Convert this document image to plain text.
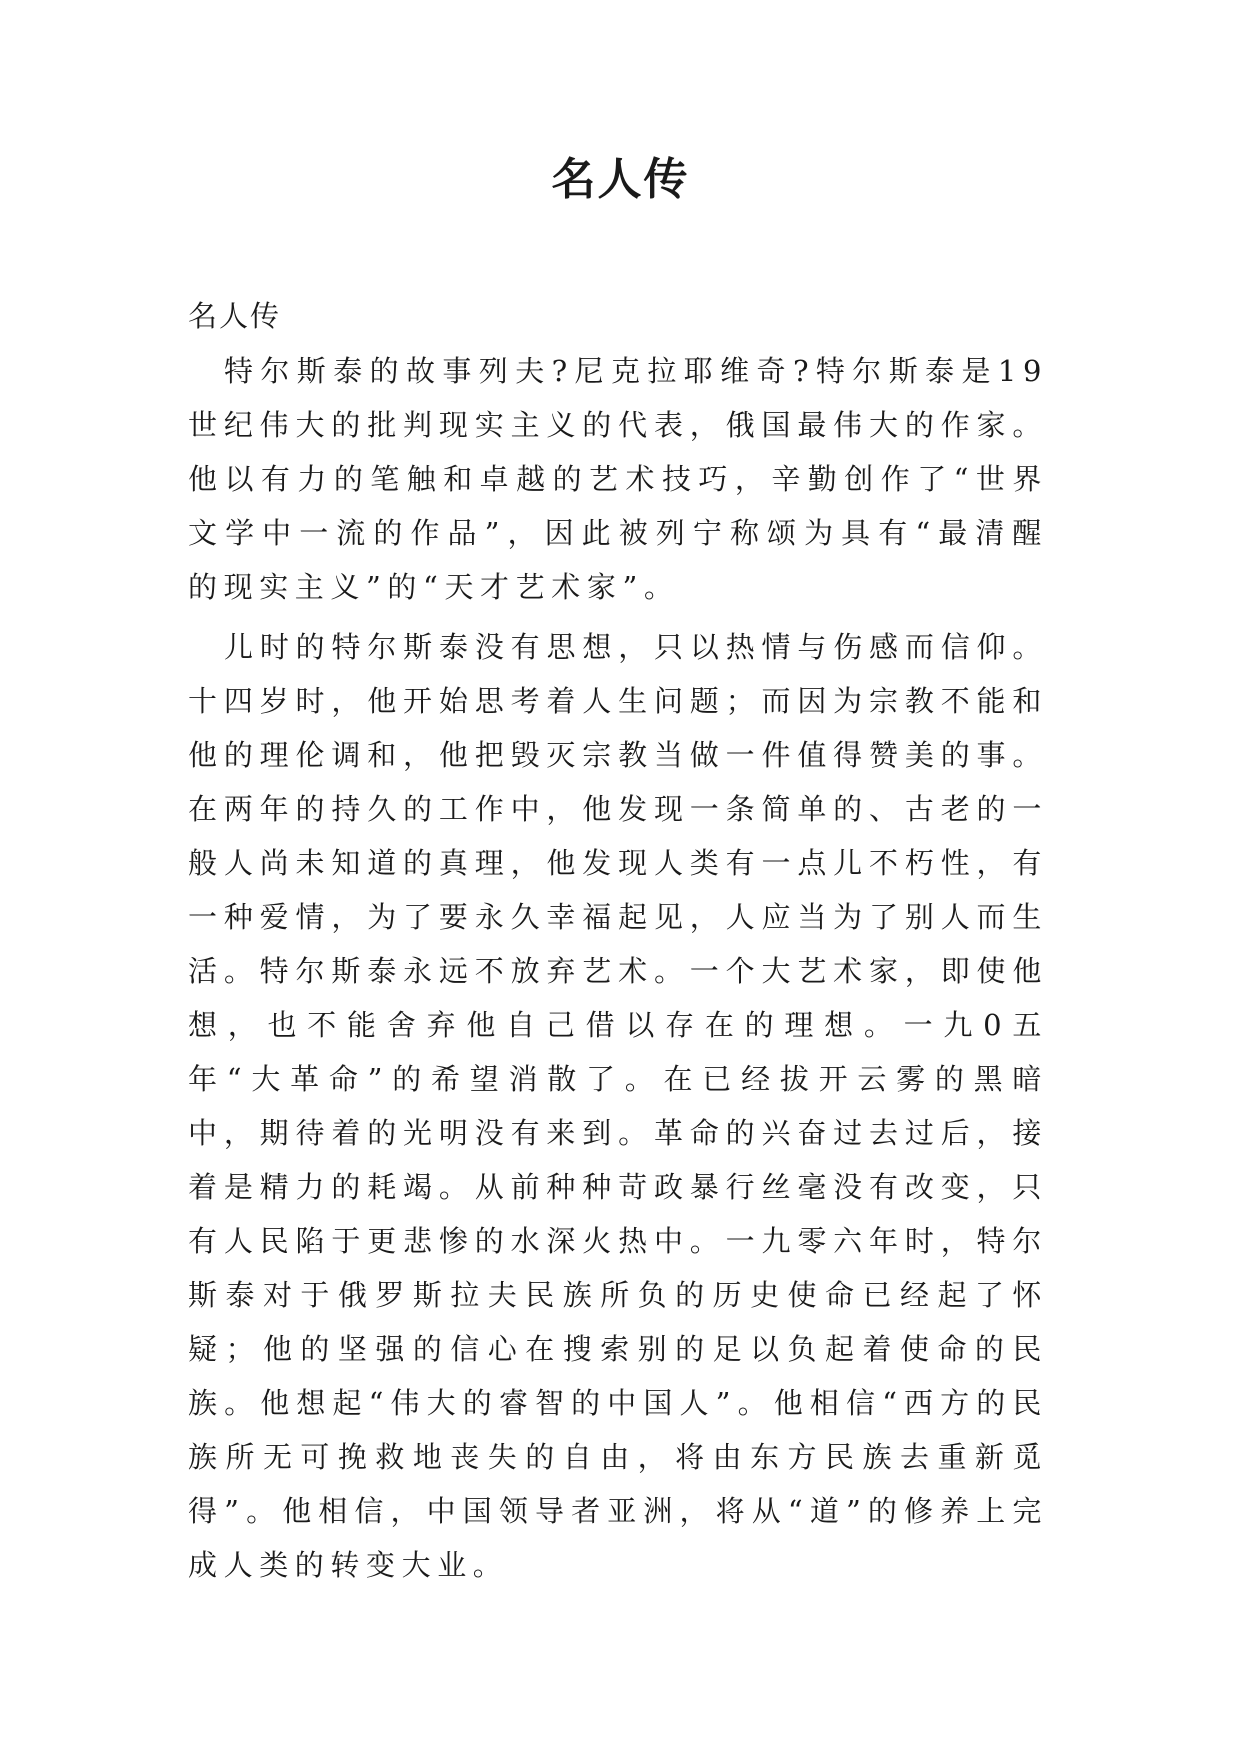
名人传

名人传

特尔斯泰的故事列夫?尼克拉耶维奇?特尔斯泰是19世纪伟大的批判现实主义的代表，俄国最伟大的作家。他以有力的笔触和卓越的艺术技巧，辛勤创作了“世界文学中一流的作品”，因此被列宁称颂为具有“最清醒的现实主义”的“天才艺术家”。

儿时的特尔斯泰没有思想，只以热情与伤感而信仰。十四岁时，他开始思考着人生问题；而因为宗教不能和他的理伦调和，他把毁灭宗教当做一件值得赞美的事。在两年的持久的工作中，他发现一条简单的、古老的一般人尚未知道的真理，他发现人类有一点儿不朽性，有一种爱情，为了要永久幸福起见，人应当为了别人而生活。特尔斯泰永远不放弃艺术。一个大艺术家，即使他想，也不能舍弃他自己借以存在的理想。一九0五年“大革命”的希望消散了。在已经拔开云雾的黑暗中，期待着的光明没有来到。革命的兴奋过去过后，接着是精力的耗竭。从前种种苛政暴行丝毫没有改变，只有人民陷于更悲惨的水深火热中。一九零六年时，特尔斯泰对于俄罗斯拉夫民族所负的历史使命已经起了怀疑；他的坚强的信心在搜索别的足以负起着使命的民族。他想起“伟大的睿智的中国人”。他相信“西方的民族所无可挽救地丧失的自由，将由东方民族去重新觅得”。他相信，中国领导者亚洲，将从“道”的修养上完成人类的转变大业。
